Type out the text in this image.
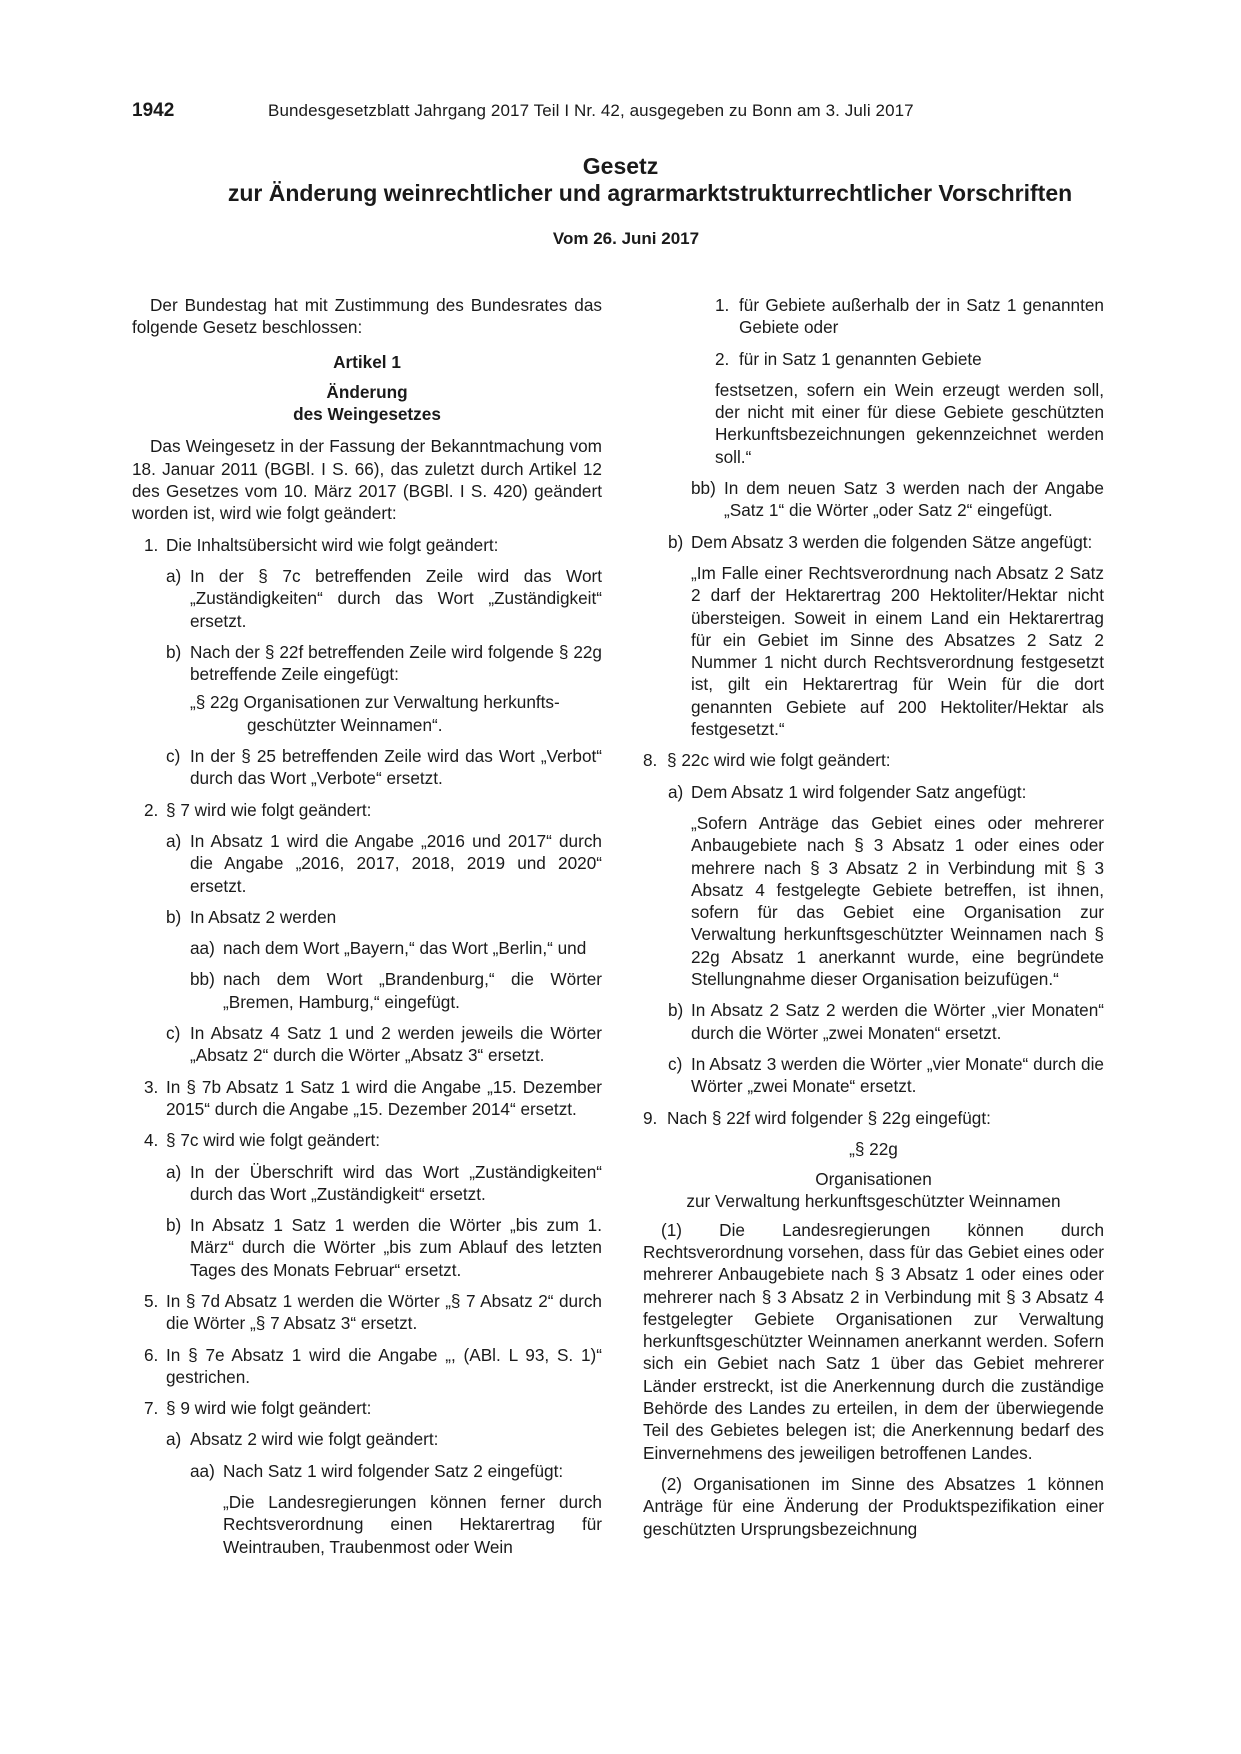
1942	Bundesgesetzblatt Jahrgang 2017 Teil I Nr. 42, ausgegeben zu Bonn am 3. Juli 2017
Gesetz
zur Änderung weinrechtlicher und agrarmarktstrukturrechtlicher Vorschriften
Vom 26. Juni 2017

Der Bundestag hat mit Zustimmung des Bundesrates das folgende Gesetz beschlossen:

Artikel 1
Änderung
des Weingesetzes

Das Weingesetz in der Fassung der Bekanntmachung vom 18. Januar 2011 (BGBl. I S. 66), das zuletzt durch Artikel 12 des Gesetzes vom 10. März 2017 (BGBl. I S. 420) geändert worden ist, wird wie folgt geändert:

1. Die Inhaltsübersicht wird wie folgt geändert:
a) In der § 7c betreffenden Zeile wird das Wort „Zuständigkeiten“ durch das Wort „Zuständigkeit“ ersetzt.
b) Nach der § 22f betreffenden Zeile wird folgende § 22g betreffende Zeile eingefügt:
„§ 22g Organisationen zur Verwaltung herkunfts-
geschützter Weinnamen“.
c) In der § 25 betreffenden Zeile wird das Wort „Verbot“ durch das Wort „Verbote“ ersetzt.
2. § 7 wird wie folgt geändert:
a) In Absatz 1 wird die Angabe „2016 und 2017“ durch die Angabe „2016, 2017, 2018, 2019 und 2020“ ersetzt.
b) In Absatz 2 werden
aa) nach dem Wort „Bayern,“ das Wort „Berlin,“ und
bb) nach dem Wort „Brandenburg,“ die Wörter „Bremen, Hamburg,“ eingefügt.
c) In Absatz 4 Satz 1 und 2 werden jeweils die Wörter „Absatz 2“ durch die Wörter „Absatz 3“ ersetzt.
3. In § 7b Absatz 1 Satz 1 wird die Angabe „15. Dezember 2015“ durch die Angabe „15. Dezember 2014“ ersetzt.
4. § 7c wird wie folgt geändert:
a) In der Überschrift wird das Wort „Zuständigkeiten“ durch das Wort „Zuständigkeit“ ersetzt.
b) In Absatz 1 Satz 1 werden die Wörter „bis zum 1. März“ durch die Wörter „bis zum Ablauf des letzten Tages des Monats Februar“ ersetzt.
5. In § 7d Absatz 1 werden die Wörter „§ 7 Absatz 2“ durch die Wörter „§ 7 Absatz 3“ ersetzt.
6. In § 7e Absatz 1 wird die Angabe „, (ABl. L 93, S. 1)“ gestrichen.
7. § 9 wird wie folgt geändert:
a) Absatz 2 wird wie folgt geändert:
aa) Nach Satz 1 wird folgender Satz 2 eingefügt:

„Die Landesregierungen können ferner durch Rechtsverordnung einen Hektarertrag für Weintrauben, Traubenmost oder Wein

1. für Gebiete außerhalb der in Satz 1 genannten Gebiete oder
2. für in Satz 1 genannten Gebiete

festsetzen, sofern ein Wein erzeugt werden soll, der nicht mit einer für diese Gebiete geschützten Herkunftsbezeichnungen gekennzeichnet werden soll.“

bb) In dem neuen Satz 3 werden nach der Angabe „Satz 1“ die Wörter „oder Satz 2“ eingefügt.
b) Dem Absatz 3 werden die folgenden Sätze angefügt:

„Im Falle einer Rechtsverordnung nach Absatz 2 Satz 2 darf der Hektarertrag 200 Hektoliter/Hektar nicht übersteigen. Soweit in einem Land ein Hektarertrag für ein Gebiet im Sinne des Absatzes 2 Satz 2 Nummer 1 nicht durch Rechtsverordnung festgesetzt ist, gilt ein Hektarertrag für Wein für die dort genannten Gebiete auf 200 Hektoliter/Hektar als festgesetzt.“

8. § 22c wird wie folgt geändert:
a) Dem Absatz 1 wird folgender Satz angefügt:

„Sofern Anträge das Gebiet eines oder mehrerer Anbaugebiete nach § 3 Absatz 1 oder eines oder mehrere nach § 3 Absatz 2 in Verbindung mit § 3 Absatz 4 festgelegte Gebiete betreffen, ist ihnen, sofern für das Gebiet eine Organisation zur Verwaltung herkunftsgeschützter Weinnamen nach § 22g Absatz 1 anerkannt wurde, eine begründete Stellungnahme dieser Organisation beizufügen.“

b) In Absatz 2 Satz 2 werden die Wörter „vier Monaten“ durch die Wörter „zwei Monaten“ ersetzt.
c) In Absatz 3 werden die Wörter „vier Monate“ durch die Wörter „zwei Monate“ ersetzt.
9. Nach § 22f wird folgender § 22g eingefügt:
„§ 22g
Organisationen
zur Verwaltung herkunftsgeschützter Weinnamen

(1) Die Landesregierungen können durch Rechtsverordnung vorsehen, dass für das Gebiet eines oder mehrerer Anbaugebiete nach § 3 Absatz 1 oder eines oder mehrerer nach § 3 Absatz 2 in Verbindung mit § 3 Absatz 4 festgelegter Gebiete Organisationen zur Verwaltung herkunftsgeschützter Weinnamen anerkannt werden. Sofern sich ein Gebiet nach Satz 1 über das Gebiet mehrerer Länder erstreckt, ist die Anerkennung durch die zuständige Behörde des Landes zu erteilen, in dem der überwiegende Teil des Gebietes belegen ist; die Anerkennung bedarf des Einvernehmens des jeweiligen betroffenen Landes.

(2) Organisationen im Sinne des Absatzes 1 können Anträge für eine Änderung der Produktspezifikation einer geschützten Ursprungsbezeichnung
